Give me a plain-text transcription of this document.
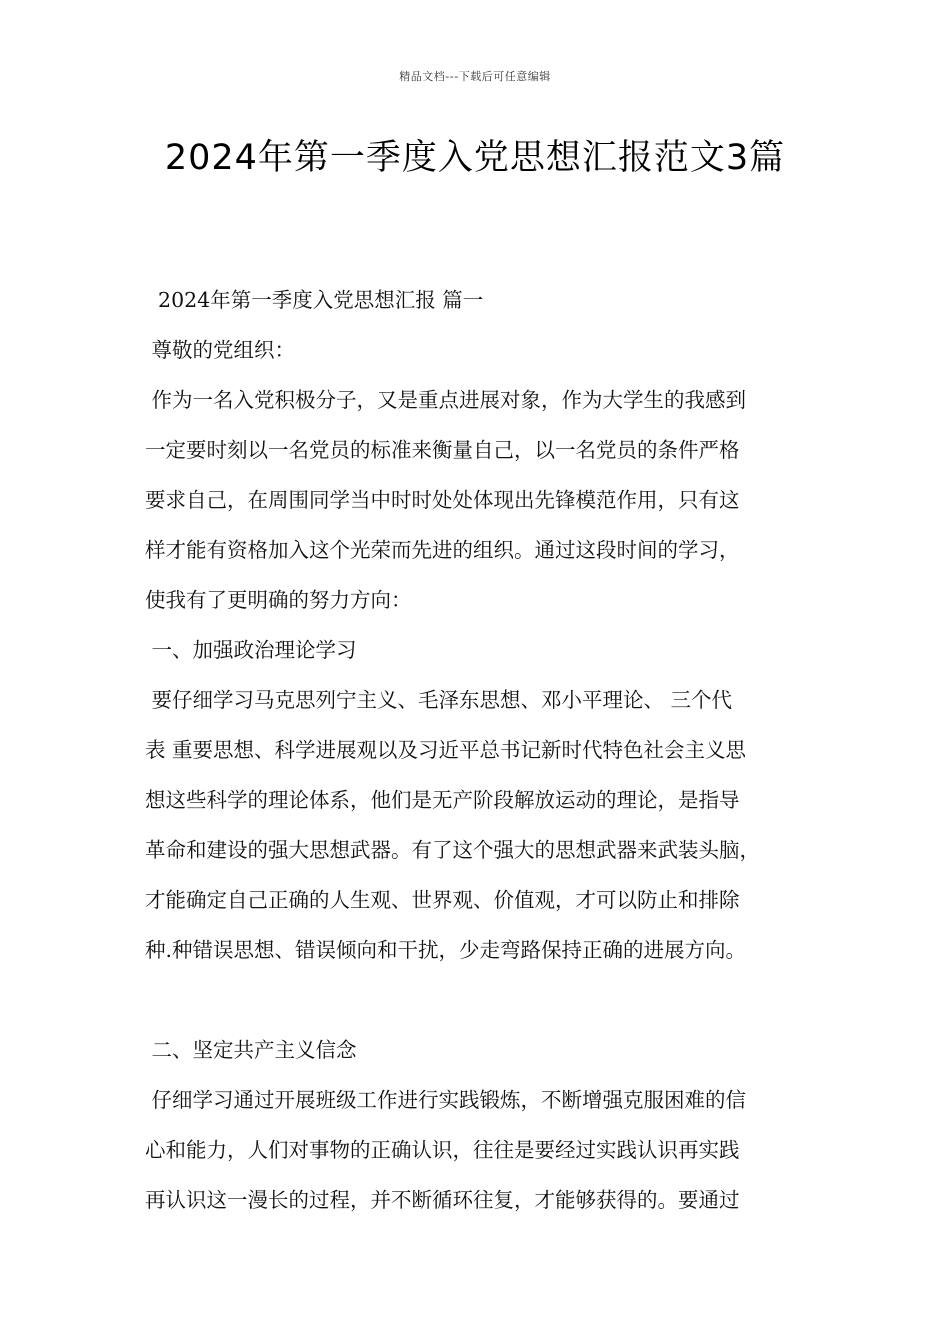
精品文档---下载后可任意编辑
2024年第一季度入党思想汇报范文3篇
2024年第一季度入党思想汇报 篇一
尊敬的党组织：
作为一名入党积极分子，又是重点进展对象，作为大学生的我感到
一定要时刻以一名党员的标准来衡量自己，以一名党员的条件严格
要求自己，在周围同学当中时时处处体现出先锋模范作用，只有这
样才能有资格加入这个光荣而先进的组织。通过这段时间的学习，
使我有了更明确的努力方向：
一、加强政治理论学习
要仔细学习马克思列宁主义、毛泽东思想、邓小平理论、 三个代
表 重要思想、科学进展观以及习近平总书记新时代特色社会主义思
想这些科学的理论体系，他们是无产阶段解放运动的理论，是指导
革命和建设的强大思想武器。有了这个强大的思想武器来武装头脑，
才能确定自己正确的人生观、世界观、价值观，才可以防止和排除
种.种错误思想、错误倾向和干扰，少走弯路保持正确的进展方向。
二、坚定共产主义信念
仔细学习通过开展班级工作进行实践锻炼，不断增强克服困难的信
心和能力，人们对事物的正确认识，往往是要经过实践认识再实践
再认识这一漫长的过程，并不断循环往复，才能够获得的。要通过
